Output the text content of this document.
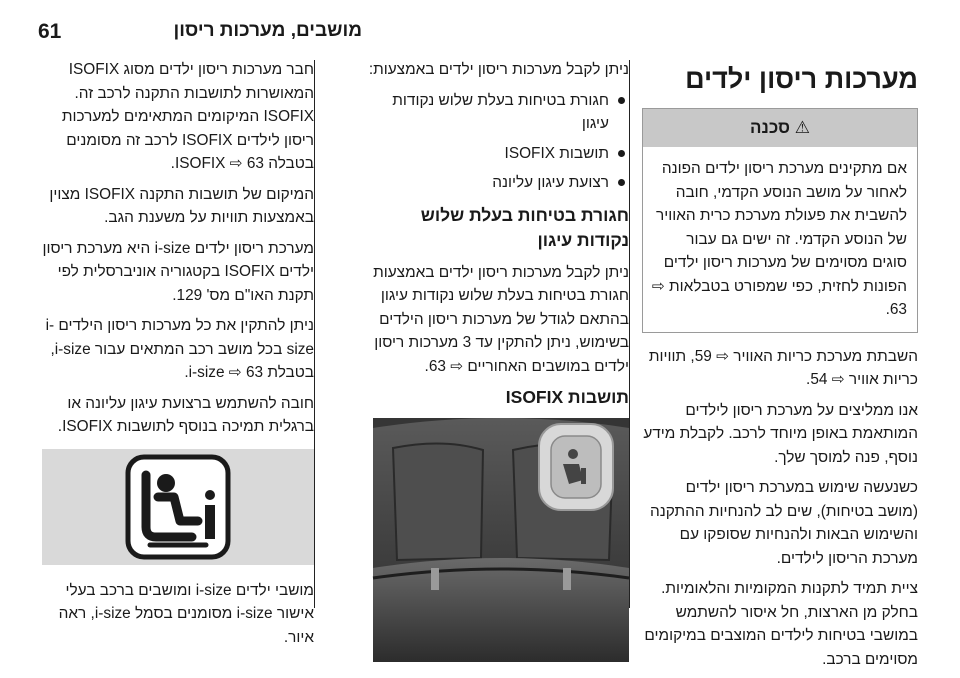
61	מושבים, מערכות ריסון
מערכות ריסון ילדים
⚠ סכנה
אם מתקינים מערכת ריסון ילדים הפונה לאחור על מושב הנוסע הקדמי, חובה להשבית את פעולת מערכת כרית האוויר של הנוסע הקדמי. זה ישים גם עבור סוגים מסוימים של מערכות ריסון ילדים הפונות לחזית, כפי שמפורט בטבלאות ⇨ 63.

השבתת מערכת כריות האוויר ⇨ 59, תוויות כריות אוויר ⇨ 54.

אנו ממליצים על מערכת ריסון לילדים המותאמת באופן מיוחד לרכב. לקבלת מידע נוסף, פנה למוסך שלך.

כשנעשה שימוש במערכת ריסון ילדים (מושב בטיחות), שים לב להנחיות ההתקנה והשימוש הבאות ולהנחיות שסופקו עם מערכת הריסון לילדים.

ציית תמיד לתקנות המקומיות והלאומיות. בחלק מן הארצות, חל איסור להשתמש במושבי בטיחות לילדים המוצבים במיקומים מסוימים ברכב.

ניתן לקבל מערכות ריסון ילדים באמצעות:

חגורת בטיחות בעלת שלוש נקודות עיגון
תושבות ISOFIX
רצועת עיגון עליונה
חגורת בטיחות בעלת שלוש נקודות עיגון

ניתן לקבל מערכות ריסון ילדים באמצעות חגורת בטיחות בעלת שלוש נקודות עיגון בהתאם לגודל של מערכות ריסון הילדים בשימוש, ניתן להתקין עד 3 מערכות ריסון ילדים במושבים האחוריים ⇨ 63.

תושבות ISOFIX

חבר מערכות ריסון ילדים מסוג ISOFIX המאושרות לתושבות התקנה לרכב זה. ISOFIX המיקומים המתאימים למערכות ריסון לילדים ISOFIX לרכב זה מסומנים בטבלה ISOFIX ⇨ 63.

המיקום של תושבות התקנה ISOFIX מצוין באמצעות תוויות על משענת הגב.

מערכת ריסון ילדים i-size היא מערכת ריסון ילדים ISOFIX בקטגוריה אוניברסלית לפי תקנת האו"ם מס' 129.

ניתן להתקין את כל מערכות ריסון הילדים i-size בכל מושב רכב המתאים עבור i-size, בטבלת i-size ⇨ 63.

חובה להשתמש ברצועת עיגון עליונה או ברגלית תמיכה בנוסף לתושבות ISOFIX.

מושבי ילדים i-size ומושבים ברכב בעלי אישור i-size מסומנים בסמל i-size, ראה איור.
